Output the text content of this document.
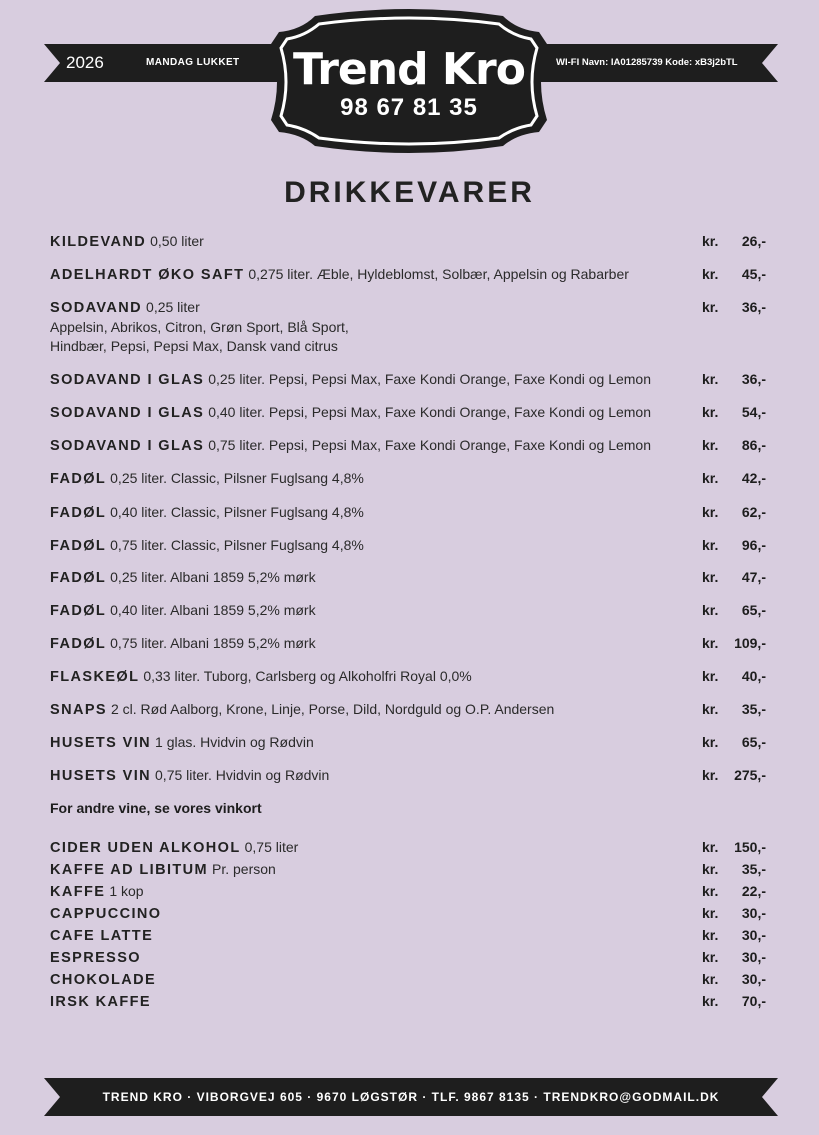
2026	MANDAG LUKKET	WI-FI Navn: IA01285739 Kode: xB3j2bTL
Trend Kro
98 67 81 35
DRIKKEVARER
KILDEVAND 0,50 liter	kr. 26,-
ADELHARDT ØKO SAFT 0,275 liter. Æble, Hyldeblomst, Solbær, Appelsin og Rabarber	kr. 45,-
SODAVAND 0,25 liter
Appelsin, Abrikos, Citron, Grøn Sport, Blå Sport,
Hindbær, Pepsi, Pepsi Max, Dansk vand citrus
kr. 36,-
SODAVAND I GLAS 0,25 liter. Pepsi, Pepsi Max, Faxe Kondi Orange, Faxe Kondi og Lemon	kr. 36,-
SODAVAND I GLAS 0,40 liter. Pepsi, Pepsi Max, Faxe Kondi Orange, Faxe Kondi og Lemon	kr. 54,-
SODAVAND I GLAS 0,75 liter. Pepsi, Pepsi Max, Faxe Kondi Orange, Faxe Kondi og Lemon	kr. 86,-
FADØL 0,25 liter. Classic, Pilsner Fuglsang 4,8%	kr. 42,-
FADØL 0,40 liter. Classic, Pilsner Fuglsang 4,8%	kr. 62,-
FADØL 0,75 liter. Classic, Pilsner Fuglsang 4,8%	kr. 96,-
FADØL 0,25 liter. Albani 1859 5,2% mørk	kr. 47,-
FADØL 0,40 liter. Albani 1859 5,2% mørk	kr. 65,-
FADØL 0,75 liter. Albani 1859 5,2% mørk	kr. 109,-
FLASKEØL 0,33 liter. Tuborg, Carlsberg og Alkoholfri Royal 0,0%	kr. 40,-
SNAPS 2 cl. Rød Aalborg, Krone, Linje, Porse, Dild, Nordguld og O.P. Andersen	kr. 35,-
HUSETS VIN 1 glas. Hvidvin og Rødvin	kr. 65,-
HUSETS VIN 0,75 liter. Hvidvin og Rødvin	kr. 275,-
For andre vine, se vores vinkort
CIDER UDEN ALKOHOL 0,75 liter	kr. 150,-
KAFFE AD LIBITUM Pr. person	kr. 35,-
KAFFE 1 kop	kr. 22,-
CAPPUCCINO	kr. 30,-
CAFE LATTE	kr. 30,-
ESPRESSO	kr. 30,-
CHOKOLADE	kr. 30,-
IRSK KAFFE	kr. 70,-
TREND KRO · VIBORGVEJ 605 · 9670 LØGSTØR · TLF. 9867 8135 · TRENDKRO@GODMAIL.DK
